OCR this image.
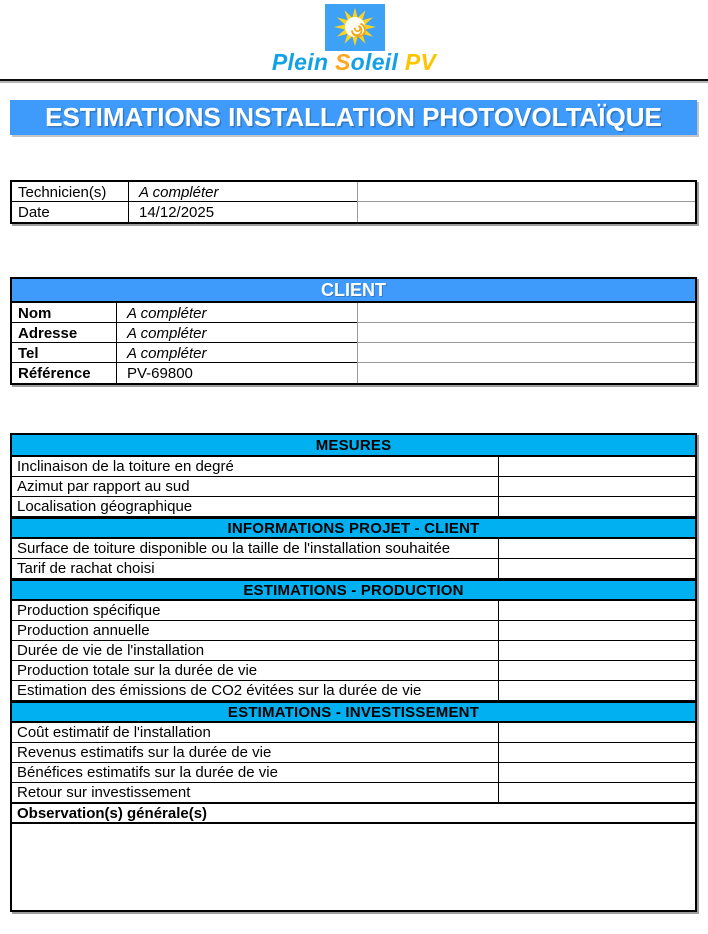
Plein Soleil PV
ESTIMATIONS INSTALLATION PHOTOVOLTAÏQUE
Technicien(s)	A compléter
Date	14/12/2025
CLIENT
Nom	A compléter
Adresse	A compléter
Tel	A compléter
Référence	PV-69800
MESURES
Inclinaison de la toiture en degré
Azimut par rapport au sud
Localisation géographique
INFORMATIONS PROJET - CLIENT
Surface de toiture disponible ou la taille de l'installation souhaitée
Tarif de rachat choisi
ESTIMATIONS - PRODUCTION
Production spécifique
Production annuelle
Durée de vie de l'installation
Production totale sur la durée de vie
Estimation des émissions de CO2 évitées sur la durée de vie
ESTIMATIONS - INVESTISSEMENT
Coût estimatif de l'installation
Revenus estimatifs sur la durée de vie
Bénéfices estimatifs sur la durée de vie
Retour sur investissement
Observation(s) générale(s)
